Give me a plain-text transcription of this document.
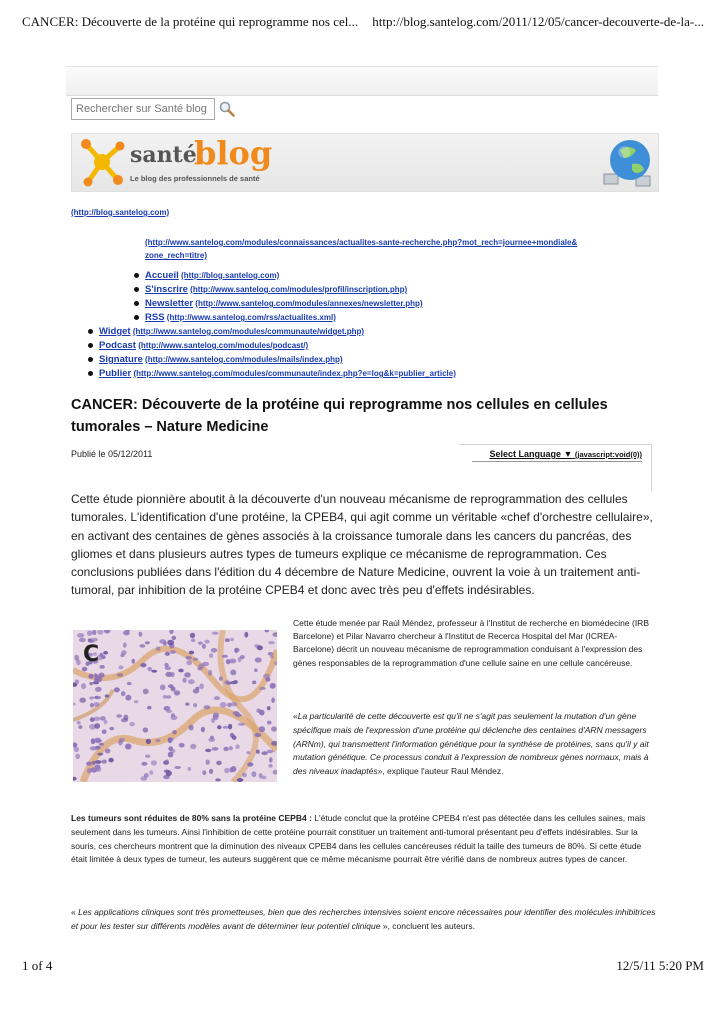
CANCER: Découverte de la protéine qui reprogramme nos cel... http://blog.santelog.com/2011/12/05/cancer-decouverte-de-la-...
Rechercher sur Santé blog
santé
blog
Le blog des professionnels de santé
(http://blog.santelog.com)
(http://www.santelog.com/modules/connaissances/actualites-sante-recherche.php?mot_rech=journee+mondiale&
zone_rech=titre)
Accueil (http://blog.santelog.com)
S'inscrire (http://www.santelog.com/modules/profil/inscription.php)
Newsletter (http://www.santelog.com/modules/annexes/newsletter.php)
RSS (http://www.santelog.com/rss/actualites.xml)
Widget (http://www.santelog.com/modules/communaute/widget.php)
Podcast (http://www.santelog.com/modules/podcast/)
Signature (http://www.santelog.com/modules/mails/index.php)
Publier (http://www.santelog.com/modules/communaute/index.php?e=log&k=publier_article)
CANCER: Découverte de la protéine qui reprogramme nos cellules en cellules tumorales – Nature Medicine
Publié le 05/12/2011	Select Language ▼ (javascript:void(0))
Cette étude pionnière aboutit à la découverte d'un nouveau mécanisme de reprogrammation des cellules tumorales. L'identification d'une protéine, la CPEB4, qui agit comme un véritable «chef d'orchestre cellulaire», en activant des centaines de gènes associés à la croissance tumorale dans les cancers du pancréas, des gliomes et dans plusieurs autres types de tumeurs explique ce mécanisme de reprogrammation. Ces conclusions publiées dans l'édition du 4 décembre de Nature Medicine, ouvrent la voie à un traitement anti-tumoral, par inhibition de la protéine CPEB4 et donc avec très peu d'effets indésirables.
C
Cette étude menée par Raúl Méndez, professeur à l'Institut de recherche en biomédecine (IRB Barcelone) et Pilar Navarro chercheur à l'Institut de Recerca Hospital del Mar (ICREA- Barcelone) décrit un nouveau mécanisme de reprogrammation conduisant à l'expression des gènes responsables de la reprogrammation d'une cellule saine en une cellule cancéreuse.
«La particularité de cette découverte est qu'il ne s'agit pas seulement la mutation d'un gène spécifique mais de l'expression d'une protéine qui déclenche des centaines d'ARN messagers (ARNm), qui transmettent l'information génétique pour la synthèse de protéines, sans qu'il y ait mutation génétique. Ce processus conduit à l'expression de nombreux gènes normaux, mais à des niveaux inadaptés», explique l'auteur Raul Méndez.
Les tumeurs sont réduites de 80% sans la protéine CEPB4 : L'étude conclut que la protéine CPEB4 n'est pas détectée dans les cellules saines, mais seulement dans les tumeurs. Ainsi l'inhibition de cette protéine pourrait constituer un traitement anti-tumoral présentant peu d'effets indésirables. Sur la souris, ces chercheurs montrent que la diminution des niveaux CPEB4 dans les cellules cancéreuses réduit la taille des tumeurs de 80%. Si cette étude était limitée à deux types de tumeur, les auteurs suggèrent que ce même mécanisme pourrait être vérifié dans de nombreux autres types de cancer.
« Les applications cliniques sont très prometteuses, bien que des recherches intensives soient encore nécessaires pour identifier des molécules inhibitrices et pour les tester sur différents modèles avant de déterminer leur potentiel clinique », concluent les auteurs.
1 of 4	12/5/11 5:20 PM
